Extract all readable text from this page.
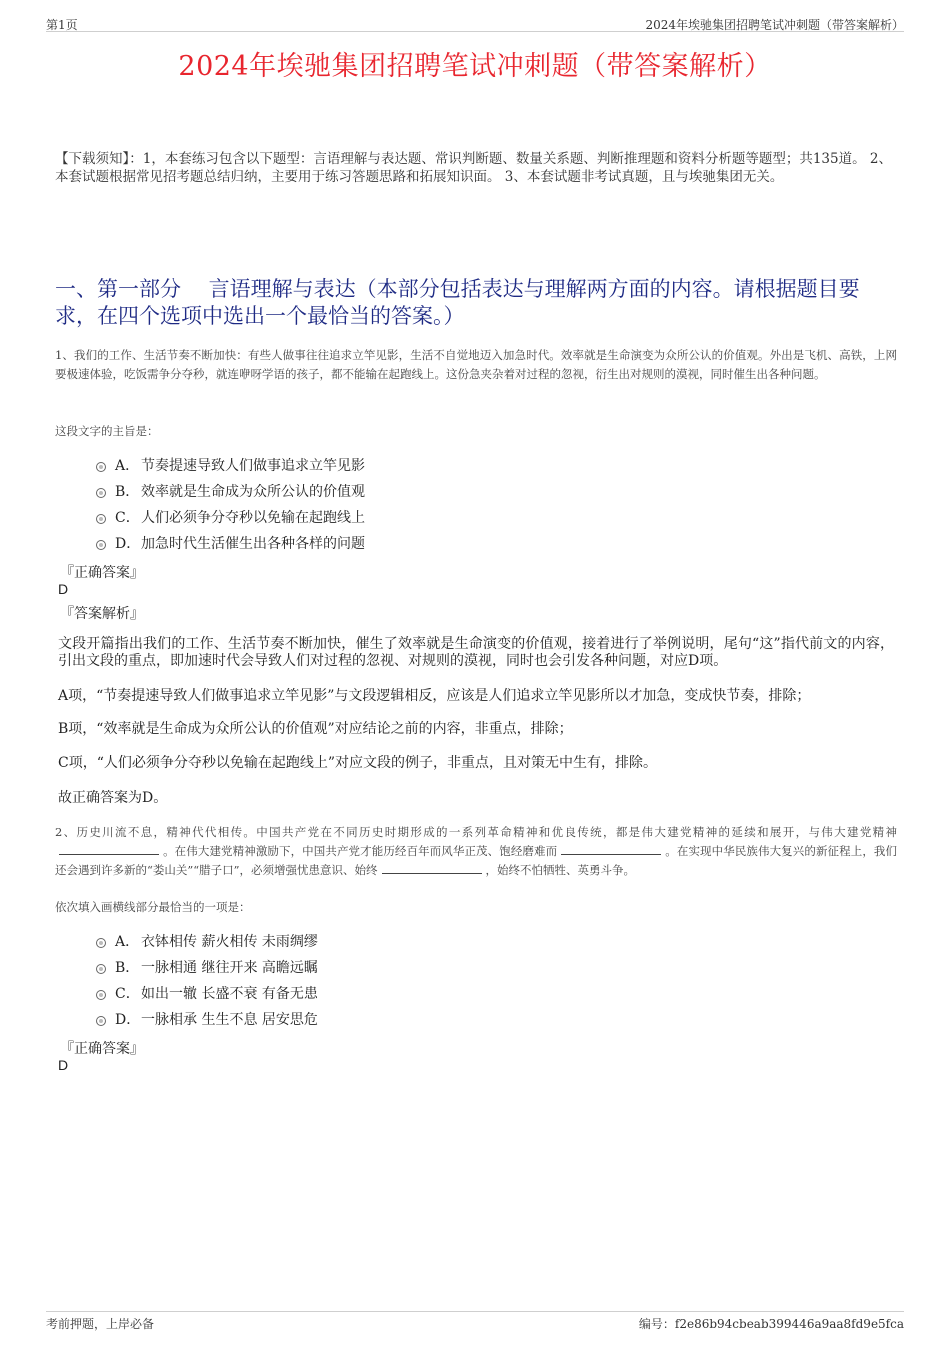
第1页	2024年埃驰集团招聘笔试冲刺题（带答案解析）
2024年埃驰集团招聘笔试冲刺题（带答案解析）
【下载须知】：1，本套练习包含以下题型：言语理解与表达题、常识判断题、数量关系题、判断推理题和资料分析题等题型；共135道。 2、本套试题根据常见招考题总结归纳，主要用于练习答题思路和拓展知识面。 3、本套试题非考试真题，且与埃驰集团无关。
一、第一部分　 言语理解与表达（本部分包括表达与理解两方面的内容。请根据题目要求，在四个选项中选出一个最恰当的答案。）
1、我们的工作、生活节奏不断加快：有些人做事往往追求立竿见影，生活不自觉地迈入加急时代。效率就是生命演变为众所公认的价值观。外出是飞机、高铁，上网要极速体验，吃饭需争分夺秒，就连咿呀学语的孩子，都不能输在起跑线上。这份急夹杂着对过程的忽视，衍生出对规则的漠视，同时催生出各种问题。
这段文字的主旨是：
A． 节奏提速导致人们做事追求立竿见影
B． 效率就是生命成为众所公认的价值观
C． 人们必须争分夺秒以免输在起跑线上
D． 加急时代生活催生出各种各样的问题
『正确答案』
D
『答案解析』
文段开篇指出我们的工作、生活节奏不断加快，催生了效率就是生命演变的价值观，接着进行了举例说明，尾句“这”指代前文的内容，引出文段的重点，即加速时代会导致人们对过程的忽视、对规则的漠视，同时也会引发各种问题，对应D项。
A项，“节奏提速导致人们做事追求立竿见影”与文段逻辑相反，应该是人们追求立竿见影所以才加急，变成快节奏，排除；
B项，“效率就是生命成为众所公认的价值观”对应结论之前的内容，非重点，排除；
C项，“人们必须争分夺秒以免输在起跑线上”对应文段的例子，非重点，且对策无中生有，排除。
故正确答案为D。
2、历史川流不息，精神代代相传。中国共产党在不同历史时期形成的一系列革命精神和优良传统，都是伟大建党精神的延续和展开，与伟大建党精神。在伟大建党精神激励下，中国共产党才能历经百年而风华正茂、饱经磨难而	。在实现中华民族伟大复兴的新征程上，我们还会遇到许多新的“娄山关”“腊子口”，必须增强忧患意识、始终	，始终不怕牺牲、英勇斗争。
依次填入画横线部分最恰当的一项是：
A． 衣钵相传 薪火相传 未雨绸缪
B． 一脉相通 继往开来 高瞻远瞩
C． 如出一辙 长盛不衰 有备无患
D． 一脉相承 生生不息 居安思危
『正确答案』
D
考前押题，上岸必备	编号：f2e86b94cbeab399446a9aa8fd9e5fca
